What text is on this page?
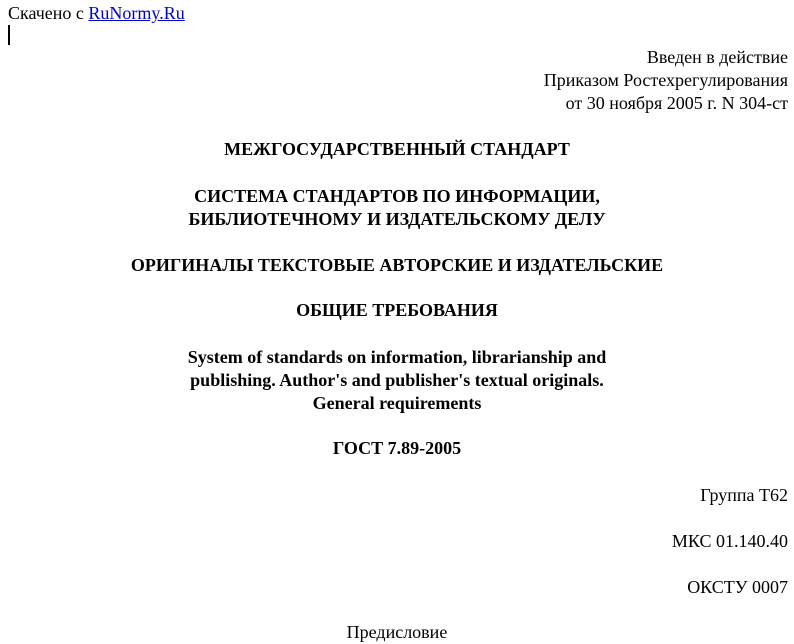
Скачено с RuNormy.Ru
Введен в действие
Приказом Ростехрегулирования
от 30 ноября 2005 г. N 304-ст
МЕЖГОСУДАРСТВЕННЫЙ СТАНДАРТ
СИСТЕМА СТАНДАРТОВ ПО ИНФОРМАЦИИ,
БИБЛИОТЕЧНОМУ И ИЗДАТЕЛЬСКОМУ ДЕЛУ
ОРИГИНАЛЫ ТЕКСТОВЫЕ АВТОРСКИЕ И ИЗДАТЕЛЬСКИЕ
ОБЩИЕ ТРЕБОВАНИЯ
System of standards on information, librarianship and
publishing. Author's and publisher's textual originals.
General requirements
ГОСТ 7.89-2005
Группа Т62
МКС 01.140.40
ОКСТУ 0007
Предисловие
